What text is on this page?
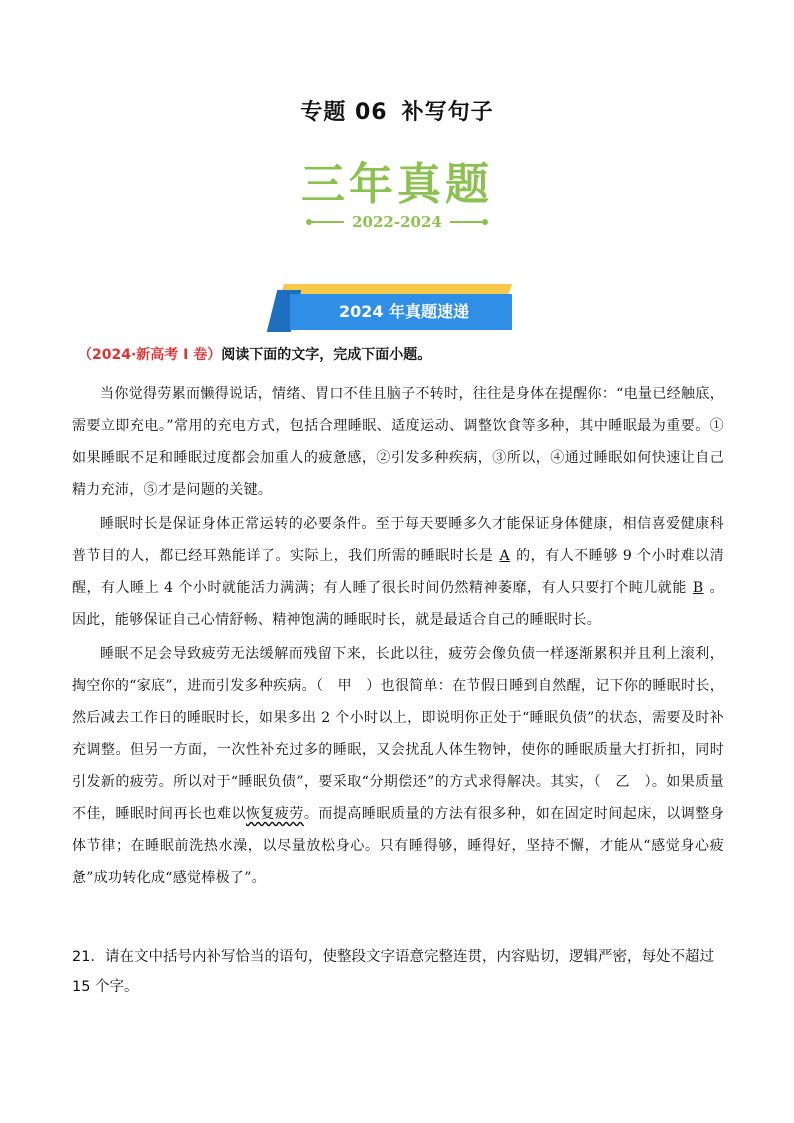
专题 06 补写句子
三年真题
2022-2024
2024 年真题速递
（2024·新高考 I 卷）阅读下面的文字，完成下面小题。

当你觉得劳累而懒得说话，情绪、胃口不佳且脑子不转时，往往是身体在提醒你：“电量已经触底，需要立即充电。”常用的充电方式，包括合理睡眠、适度运动、调整饮食等多种，其中睡眠最为重要。①如果睡眠不足和睡眠过度都会加重人的疲惫感，②引发多种疾病，③所以，④通过睡眠如何快速让自己精力充沛，⑤才是问题的关键。

睡眠时长是保证身体正常运转的必要条件。至于每天要睡多久才能保证身体健康，相信喜爱健康科普节目的人，都已经耳熟能详了。实际上，我们所需的睡眠时长是 A 的，有人不睡够 9 个小时难以清醒，有人睡上 4 个小时就能活力满满；有人睡了很长时间仍然精神萎靡，有人只要打个盹儿就能 B 。因此，能够保证自己心情舒畅、精神饱满的睡眠时长，就是最适合自己的睡眠时长。

睡眠不足会导致疲劳无法缓解而残留下来，长此以往，疲劳会像负债一样逐渐累积并且利上滚利，掏空你的“家底”，进而引发多种疾病。（　甲　）也很简单：在节假日睡到自然醒，记下你的睡眠时长，然后减去工作日的睡眠时长，如果多出 2 个小时以上，即说明你正处于“睡眠负债”的状态，需要及时补充调整。但另一方面，一次性补充过多的睡眠，又会扰乱人体生物钟，使你的睡眠质量大打折扣，同时引发新的疲劳。所以对于“睡眠负债”，要采取“分期偿还”的方式求得解决。其实，（　乙　）。如果质量不佳，睡眠时间再长也难以恢复疲劳。而提高睡眠质量的方法有很多种，如在固定时间起床，以调整身体节律；在睡眠前洗热水澡，以尽量放松身心。只有睡得够，睡得好，坚持不懈，才能从“感觉身心疲惫”成功转化成“感觉棒极了”。

21．请在文中括号内补写恰当的语句，使整段文字语意完整连贯，内容贴切，逻辑严密，每处不超过 15 个字。
